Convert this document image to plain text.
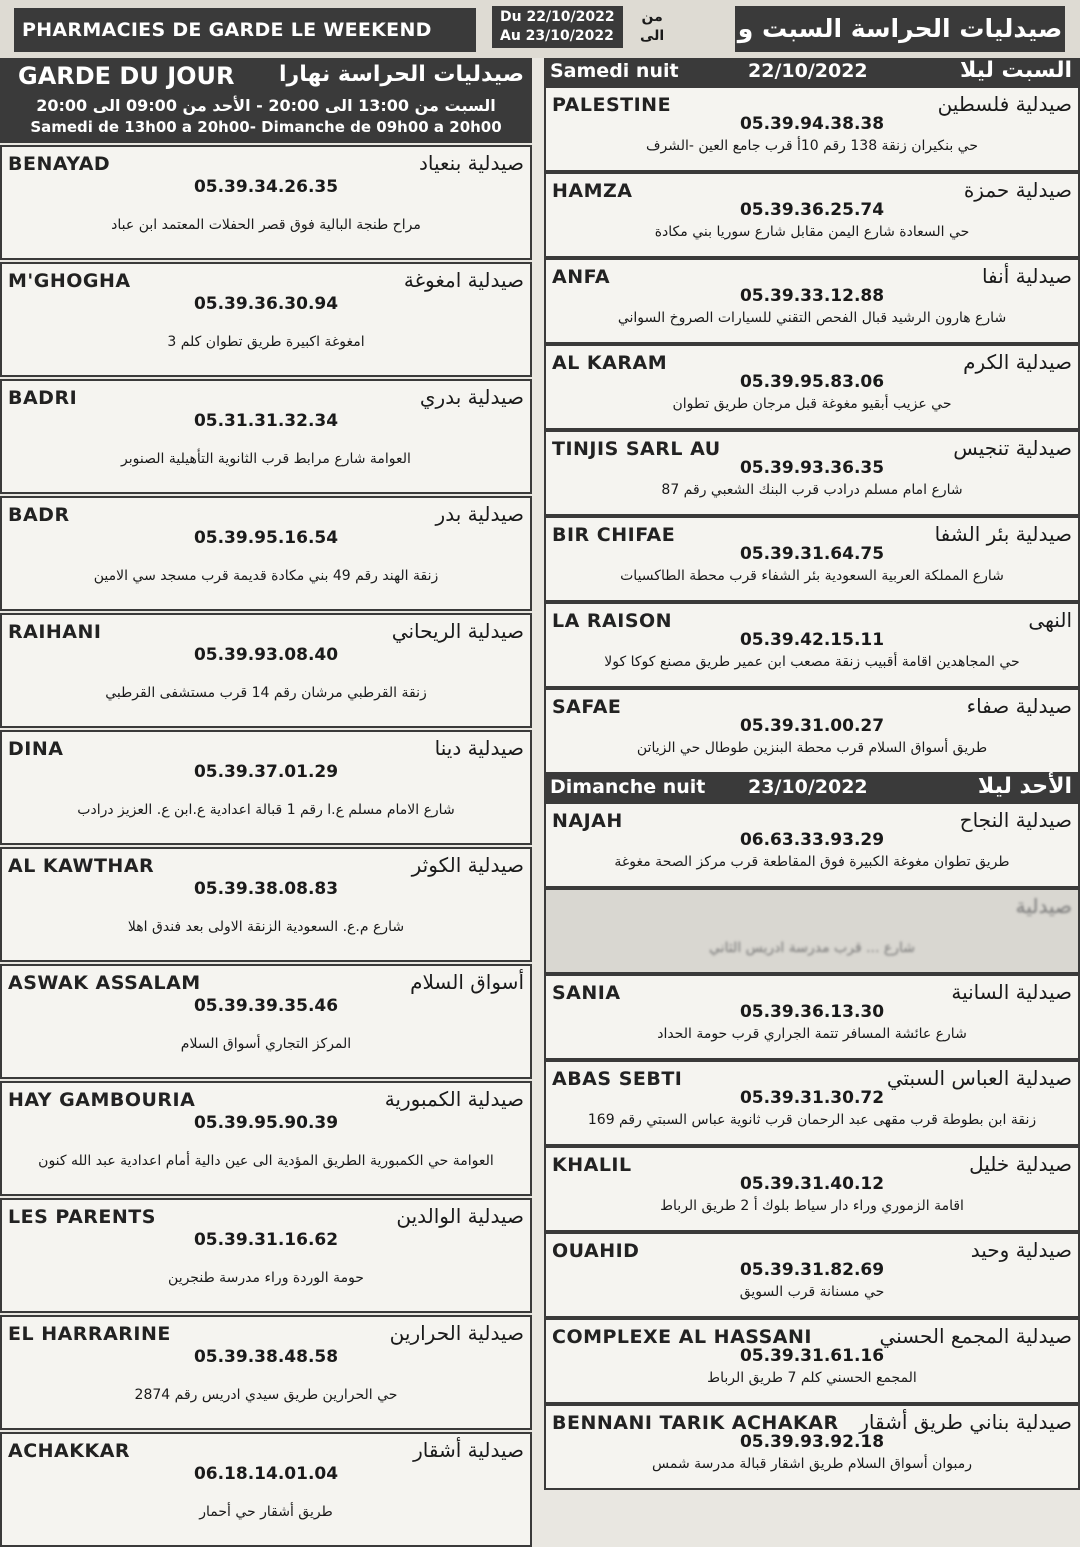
PHARMACIES DE GARDE LE WEEKEND
Du 22/10/2022
Au 23/10/2022
من
الى	صيدليات الحراسة السبت و
GARDE DU JOUR صيدليات الحراسة نهارا
السبت من 13:00 الى 20:00 - الأحد من 09:00 الى 20:00
Samedi de 13h00 a 20h00- Dimanche de 09h00 a 20h00
BENAYAD	صيدلية بنعياد
05.39.34.26.35
مراح طنجة البالية فوق قصر الحفلات المعتمد ابن عباد
M'GHOGHA	صيدلية امغوغة
05.39.36.30.94
امغوغة اكبيرة طريق تطوان كلم 3
BADRI	صيدلية بدري
05.31.31.32.34
العوامة شارع مرابط قرب الثانوية التأهيلية الصنوبر
BADR	صيدلية بدر
05.39.95.16.54
زنقة الهند رقم 49 بني مكادة قديمة قرب مسجد سي الامين
RAIHANI	صيدلية الريحاني
05.39.93.08.40
زنقة القرطبي مرشان رقم 14 قرب مستشفى القرطبي
DINA	صيدلية دينا
05.39.37.01.29
شارع الامام مسلم ع.ا رقم 1 قبالة اعدادية ع.ابن ع. العزيز درادب
AL KAWTHAR	صيدلية الكوثر
05.39.38.08.83
شارع م.ع. السعودية الزنقة الاولى بعد فندق اهلا
ASWAK ASSALAM	أسواق السلام
05.39.39.35.46
المركز التجاري أسواق السلام
HAY GAMBOURIA	صيدلية الكمبورية
05.39.95.90.39
العوامة حي الكمبورية الطريق المؤدية الى عين دالية أمام اعدادية عبد الله كنون
LES PARENTS	صيدلية الوالدين
05.39.31.16.62
حومة الوردة وراء مدرسة طنجرين
EL HARRARINE	صيدلية الحرارين
05.39.38.48.58
حي الحرارين طريق سيدي ادريس رقم 2874
ACHAKKAR	صيدلية أشقار
06.18.14.01.04
طريق أشقار حي أحمار
Samedi nuit	22/10/2022	السبت ليلا
PALESTINE	صيدلية فلسطين
05.39.94.38.38
حي بنكيران زنقة 138 رقم 10أ قرب جامع العين -الشرف
HAMZA	صيدلية حمزة
05.39.36.25.74
حي السعادة شارع اليمن مقابل شارع سوريا بني مكادة
ANFA	صيدلية أنفا
05.39.33.12.88
شارع هارون الرشيد قبال الفحص التقني للسيارات الصروخ السواني
AL KARAM	صيدلية الكرم
05.39.95.83.06
حي عزيب أبقيو مغوغة قبل مرجان طريق تطوان
TINJIS SARL AU	صيدلية تنجيس
05.39.93.36.35
شارع امام مسلم درادب قرب البنك الشعبي رقم 87
BIR CHIFAE	صيدلية بئر الشفا
05.39.31.64.75
شارع المملكة العربية السعودية بئر الشفاء قرب محطة الطاكسيات
LA RAISON	النهى
05.39.42.15.11
حي المجاهدين اقامة أقبيب زنقة مصعب ابن عمير طريق مصنع كوكا كولا
SAFAE	صيدلية صفاء
05.39.31.00.27
طريق أسواق السلام قرب محطة البنزين طوطال حي الزياتن
Dimanche nuit 23/10/2022	الأحد ليلا
NAJAH	صيدلية النجاح
06.63.33.93.29
طريق تطوان مغوغة الكبيرة فوق المقاطعة قرب مركز الصحة مغوغة
صيدلية
شارع ... قرب مدرسة ادريس الثاني
SANIA	صيدلية السانية
05.39.36.13.30
شارع عائشة المسافر تتمة الجراري قرب حومة الحداد
ABAS SEBTI	صيدلية العباس السبتي
05.39.31.30.72
زنقة ابن بطوطة قرب مقهى عبد الرحمان قرب ثانوية عباس السبتي رقم 169
KHALIL	صيدلية خليل
05.39.31.40.12
اقامة الزموري وراء دار سياط بلوك أ 2 طريق الرباط
OUAHID	صيدلية وحيد
05.39.31.82.69
حي مسنانة قرب السويق
COMPLEXE AL HASSANI	صيدلية المجمع الحسني
05.39.31.61.16
المجمع الحسني كلم 7 طريق الرباط
BENNANI TARIK ACHAKAR صيدلية بناني طريق أشقار
05.39.93.92.18
رمبوان أسواق السلام طريق اشقار قبالة مدرسة شمس
